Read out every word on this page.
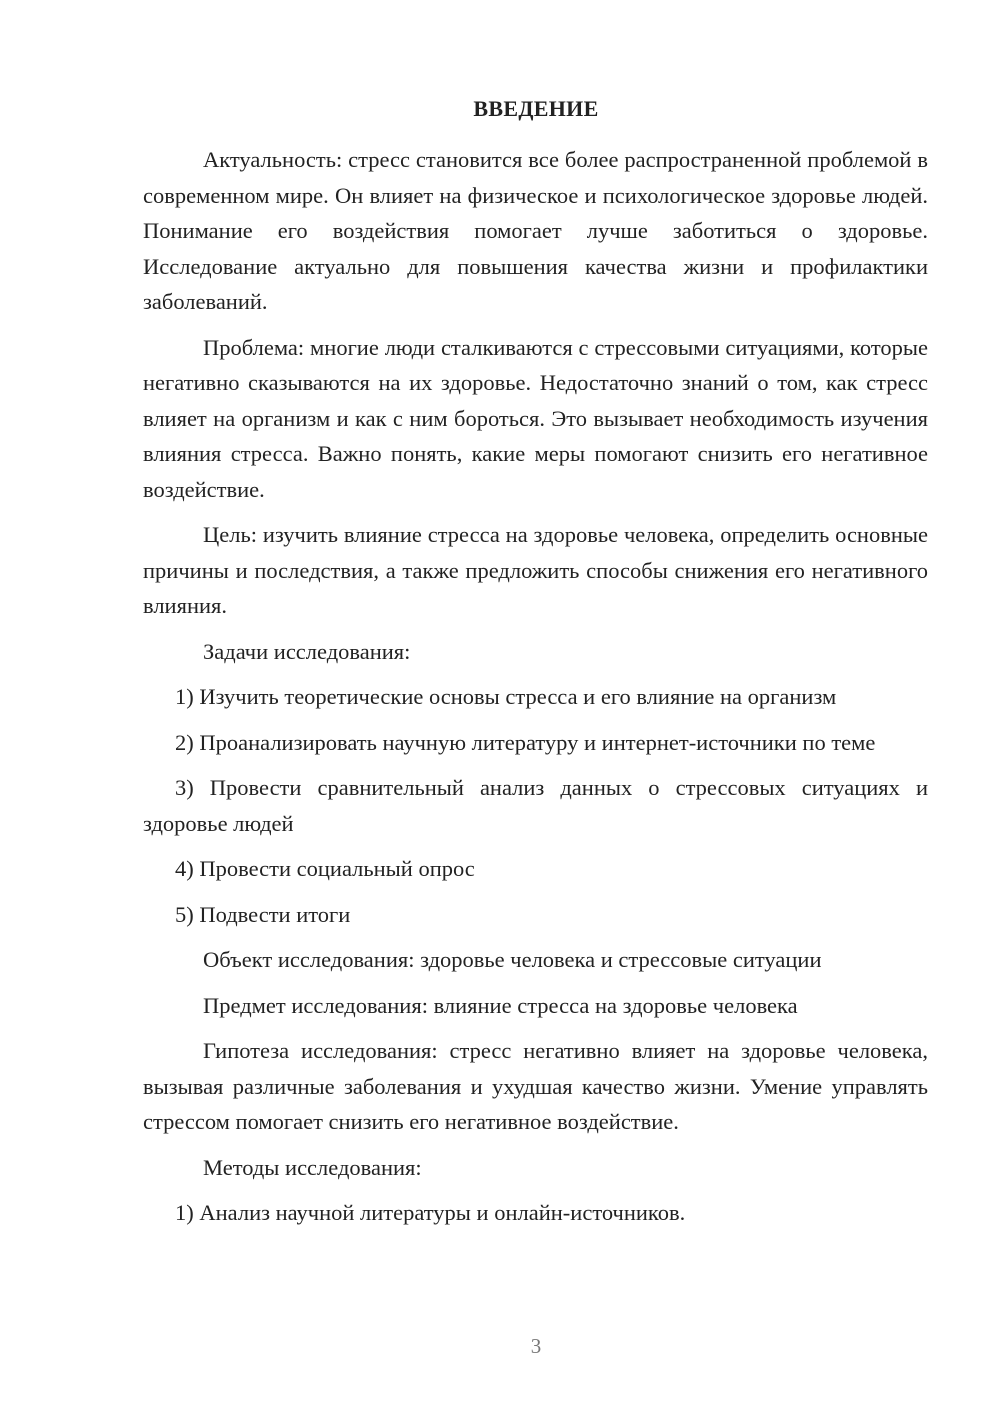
ВВЕДЕНИЕ

Актуальность: стресс становится все более распространенной проблемой в современном мире. Он влияет на физическое и психологическое здоровье людей. Понимание его воздействия помогает лучше заботиться о здоровье. Исследование актуально для повышения качества жизни и профилактики заболеваний.

Проблема: многие люди сталкиваются с стрессовыми ситуациями, которые негативно сказываются на их здоровье. Недостаточно знаний о том, как стресс влияет на организм и как с ним бороться. Это вызывает необходимость изучения влияния стресса. Важно понять, какие меры помогают снизить его негативное воздействие.

Цель: изучить влияние стресса на здоровье человека, определить основные причины и последствия, а также предложить способы снижения его негативного влияния.

Задачи исследования:

1) Изучить теоретические основы стресса и его влияние на организм

2) Проанализировать научную литературу и интернет-источники по теме

3) Провести сравнительный анализ данных о стрессовых ситуациях и здоровье людей

4) Провести социальный опрос

5) Подвести итоги

Объект исследования: здоровье человека и стрессовые ситуации

Предмет исследования: влияние стресса на здоровье человека

Гипотеза исследования: стресс негативно влияет на здоровье человека, вызывая различные заболевания и ухудшая качество жизни. Умение управлять стрессом помогает снизить его негативное воздействие.

Методы исследования:

1) Анализ научной литературы и онлайн-источников.

3
